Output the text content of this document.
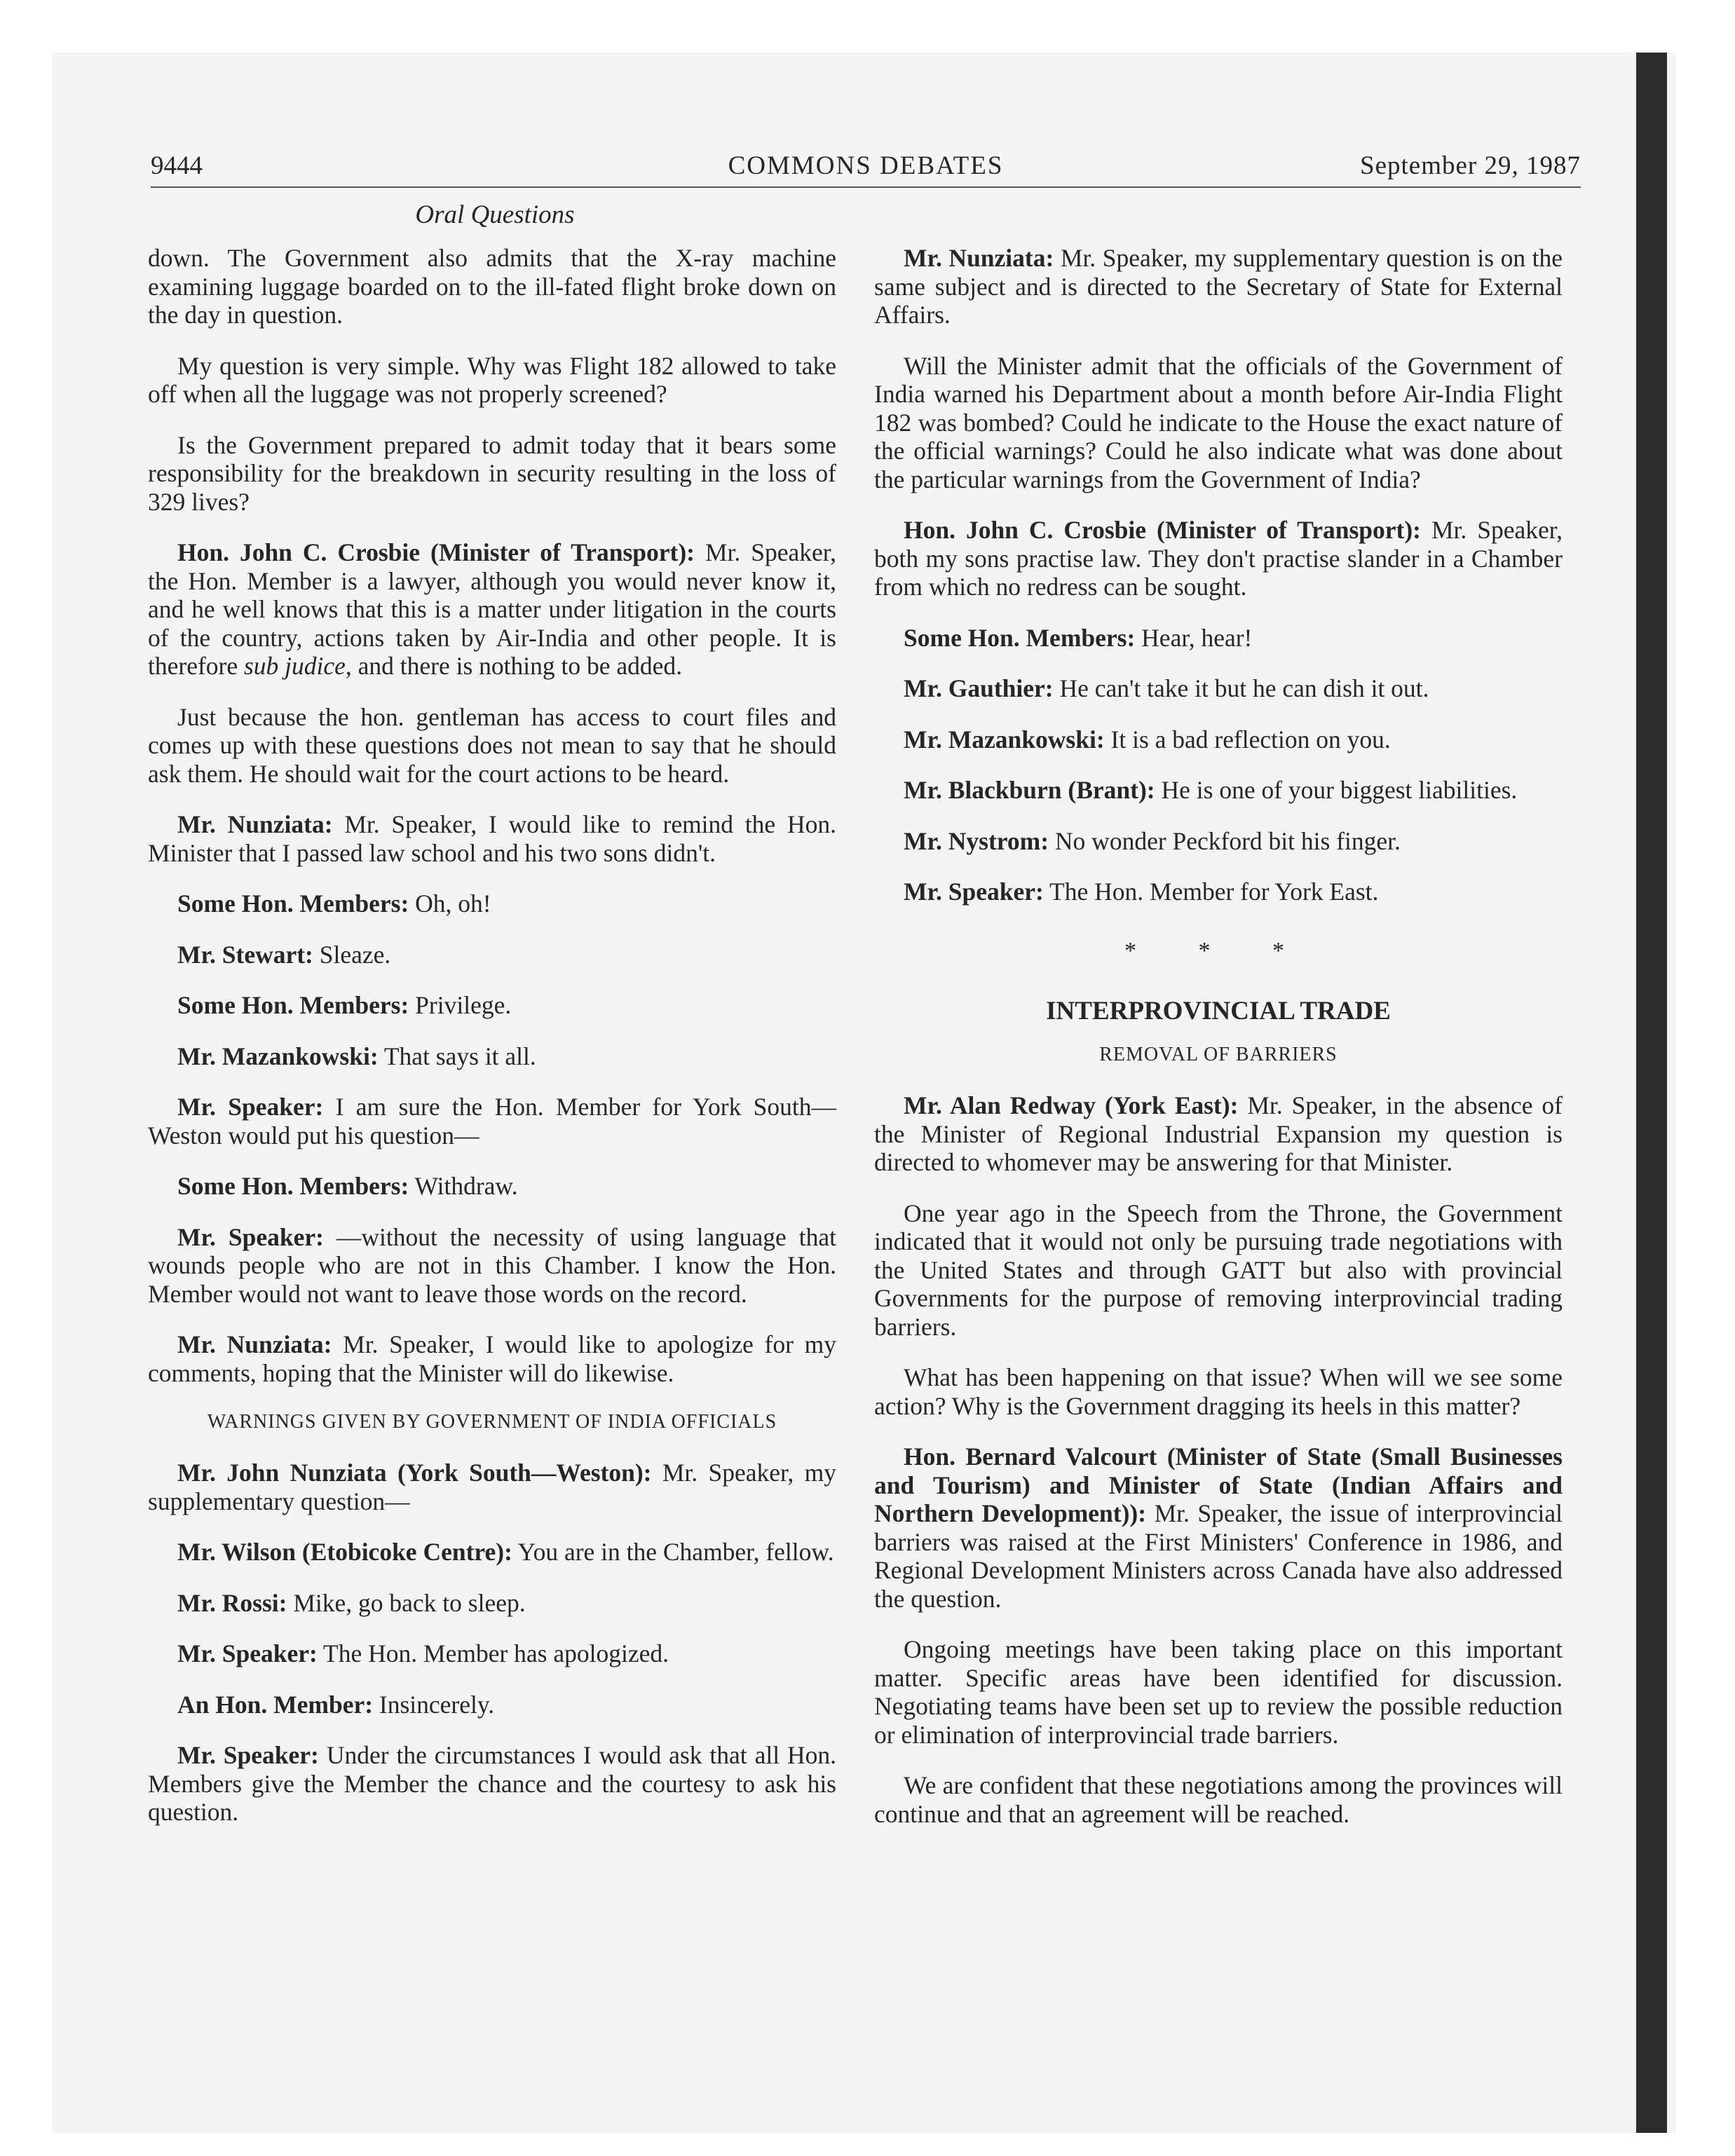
9444	COMMONS DEBATES	September 29, 1987
Oral Questions

down. The Government also admits that the X-ray machine examining luggage boarded on to the ill-fated flight broke down on the day in question.

My question is very simple. Why was Flight 182 allowed to take off when all the luggage was not properly screened?

Is the Government prepared to admit today that it bears some responsibility for the breakdown in security resulting in the loss of 329 lives?

Hon. John C. Crosbie (Minister of Transport): Mr. Speaker, the Hon. Member is a lawyer, although you would never know it, and he well knows that this is a matter under litigation in the courts of the country, actions taken by Air-India and other people. It is therefore sub judice, and there is nothing to be added.

Just because the hon. gentleman has access to court files and comes up with these questions does not mean to say that he should ask them. He should wait for the court actions to be heard.

Mr. Nunziata: Mr. Speaker, I would like to remind the Hon. Minister that I passed law school and his two sons didn't.

Some Hon. Members: Oh, oh!

Mr. Stewart: Sleaze.

Some Hon. Members: Privilege.

Mr. Mazankowski: That says it all.

Mr. Speaker: I am sure the Hon. Member for York South—Weston would put his question—

Some Hon. Members: Withdraw.

Mr. Speaker: —without the necessity of using language that wounds people who are not in this Chamber. I know the Hon. Member would not want to leave those words on the record.

Mr. Nunziata: Mr. Speaker, I would like to apologize for my comments, hoping that the Minister will do likewise.

WARNINGS GIVEN BY GOVERNMENT OF INDIA OFFICIALS

Mr. John Nunziata (York South—Weston): Mr. Speaker, my supplementary question—

Mr. Wilson (Etobicoke Centre): You are in the Chamber, fellow.

Mr. Rossi: Mike, go back to sleep.

Mr. Speaker: The Hon. Member has apologized.

An Hon. Member: Insincerely.

Mr. Speaker: Under the circumstances I would ask that all Hon. Members give the Member the chance and the courtesy to ask his question.

Mr. Nunziata: Mr. Speaker, my supplementary question is on the same subject and is directed to the Secretary of State for External Affairs.

Will the Minister admit that the officials of the Government of India warned his Department about a month before Air-India Flight 182 was bombed? Could he indicate to the House the exact nature of the official warnings? Could he also indicate what was done about the particular warnings from the Government of India?

Hon. John C. Crosbie (Minister of Transport): Mr. Speaker, both my sons practise law. They don't practise slander in a Chamber from which no redress can be sought.

Some Hon. Members: Hear, hear!

Mr. Gauthier: He can't take it but he can dish it out.

Mr. Mazankowski: It is a bad reflection on you.

Mr. Blackburn (Brant): He is one of your biggest liabilities.

Mr. Nystrom: No wonder Peckford bit his finger.

Mr. Speaker: The Hon. Member for York East.

* * *
INTERPROVINCIAL TRADE
REMOVAL OF BARRIERS

Mr. Alan Redway (York East): Mr. Speaker, in the absence of the Minister of Regional Industrial Expansion my question is directed to whomever may be answering for that Minister.

One year ago in the Speech from the Throne, the Government indicated that it would not only be pursuing trade negotiations with the United States and through GATT but also with provincial Governments for the purpose of removing interprovincial trading barriers.

What has been happening on that issue? When will we see some action? Why is the Government dragging its heels in this matter?

Hon. Bernard Valcourt (Minister of State (Small Businesses and Tourism) and Minister of State (Indian Affairs and Northern Development)): Mr. Speaker, the issue of interprovincial barriers was raised at the First Ministers' Conference in 1986, and Regional Development Ministers across Canada have also addressed the question.

Ongoing meetings have been taking place on this important matter. Specific areas have been identified for discussion. Negotiating teams have been set up to review the possible reduction or elimination of interprovincial trade barriers.

We are confident that these negotiations among the provinces will continue and that an agreement will be reached.
